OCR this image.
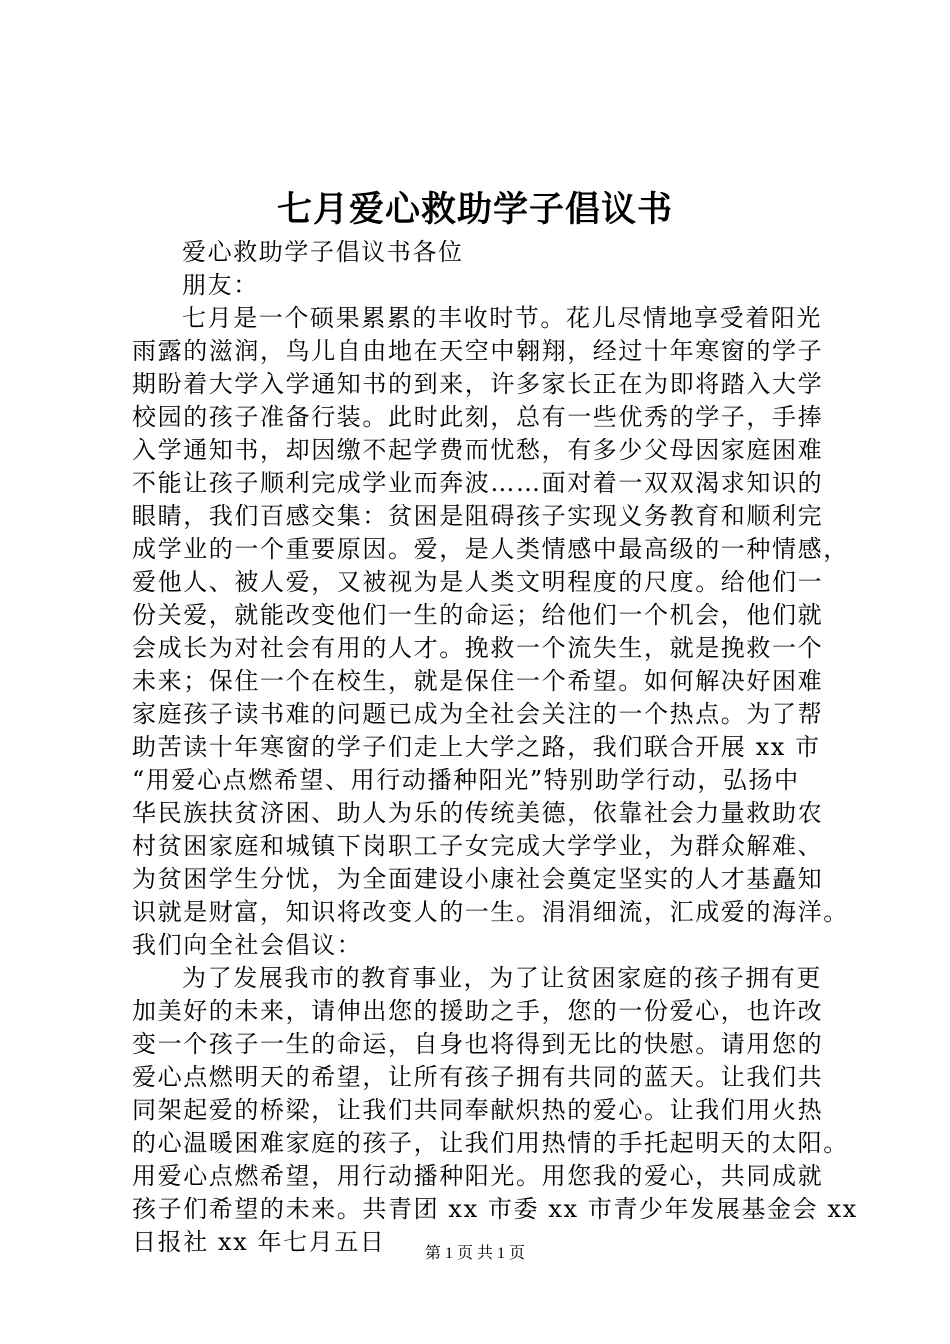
七月爱心救助学子倡议书
爱心救助学子倡议书各位
朋友：
七月是一个硕果累累的丰收时节。花儿尽情地享受着阳光
雨露的滋润，鸟儿自由地在天空中翱翔，经过十年寒窗的学子
期盼着大学入学通知书的到来，许多家长正在为即将踏入大学
校园的孩子准备行装。此时此刻，总有一些优秀的学子，手捧
入学通知书，却因缴不起学费而忧愁，有多少父母因家庭困难
不能让孩子顺利完成学业而奔波……面对着一双双渴求知识的
眼睛，我们百感交集：贫困是阻碍孩子实现义务教育和顺利完
成学业的一个重要原因。爱，是人类情感中最高级的一种情感，
爱他人、被人爱，又被视为是人类文明程度的尺度。给他们一
份关爱，就能改变他们一生的命运；给他们一个机会，他们就
会成长为对社会有用的人才。挽救一个流失生，就是挽救一个
未来；保住一个在校生，就是保住一个希望。如何解决好困难
家庭孩子读书难的问题已成为全社会关注的一个热点。为了帮
助苦读十年寒窗的学子们走上大学之路，我们联合开展 xx 市
“用爱心点燃希望、用行动播种阳光”特别助学行动，弘扬中
华民族扶贫济困、助人为乐的传统美德，依靠社会力量救助农
村贫困家庭和城镇下岗职工子女完成大学学业，为群众解难、
为贫困学生分忧，为全面建设小康社会奠定坚实的人才基矗知
识就是财富，知识将改变人的一生。涓涓细流，汇成爱的海洋。
我们向全社会倡议：
为了发展我市的教育事业，为了让贫困家庭的孩子拥有更
加美好的未来，请伸出您的援助之手，您的一份爱心，也许改
变一个孩子一生的命运，自身也将得到无比的快慰。请用您的
爱心点燃明天的希望，让所有孩子拥有共同的蓝天。让我们共
同架起爱的桥梁，让我们共同奉献炽热的爱心。让我们用火热
的心温暖困难家庭的孩子，让我们用热情的手托起明天的太阳。
用爱心点燃希望，用行动播种阳光。用您我的爱心，共同成就
孩子们希望的未来。共青团 xx 市委 xx 市青少年发展基金会 xx
日报社 xx 年七月五日	第 1 页 共 1 页
